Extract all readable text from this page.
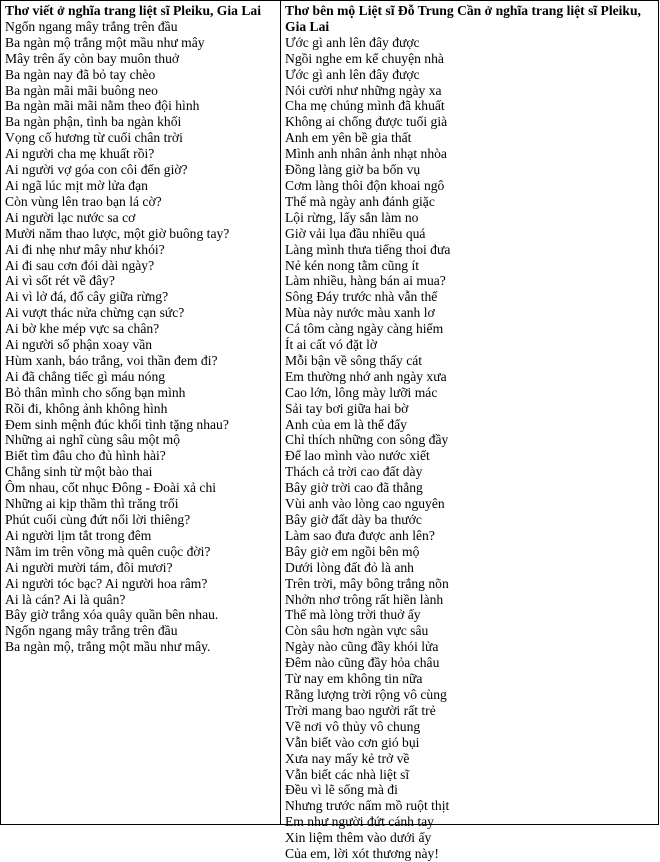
Thơ viết ở nghĩa trang liệt sĩ Pleiku, Gia Lai

Ngổn ngang mây trắng trên đầu
Ba ngàn mộ trắng một mầu như mây
Mây trên ấy còn bay muôn thuở
Ba ngàn nay đã bỏ tay chèo
Ba ngàn mãi mãi buông neo
Ba ngàn mãi mãi nằm theo đội hình
Ba ngàn phận, tình ba ngàn khối
Vọng cố hương từ cuối chân trời
Ai người cha mẹ khuất rồi?
Ai người vợ góa con côi đến giờ?
Ai ngã lúc mịt mờ lửa đạn
Còn vùng lên trao bạn lá cờ?
Ai người lạc nước sa cơ
Mười năm thao lược, một giờ buông tay?
Ai đi nhẹ như mây như khói?
Ai đi sau cơn đói dài ngày?
Ai vì sốt rét về đây?
Ai vì lở đá, đổ cây giữa rừng?
Ai vượt thác nửa chừng cạn sức?
Ai bờ khe mép vực sa chân?
Ai người số phận xoay vần
Hùm xanh, báo trắng, voi thần đem đi?
Ai đã chẳng tiếc gì máu nóng
Bỏ thân mình cho sống bạn mình
Rồi đi, không ảnh không hình
Đem sinh mệnh đúc khối tình tặng nhau?
Những ai nghĩ cùng sâu một mộ
Biết tìm đâu cho đủ hình hài?
Chẳng sinh từ một bào thai
Ôm nhau, cốt nhục Đông - Đoài xả chi
Những ai kịp thầm thì trăng trối
Phút cuối cùng đứt nối lời thiêng?
Ai người lịm tắt trong đêm
Nằm im trên võng mà quên cuộc đời?
Ai người mười tám, đôi mươi?
Ai người tóc bạc? Ai người hoa râm?
Ai là cán? Ai là quân?
Bây giờ trắng xóa quây quần bên nhau.
Ngổn ngang mây trắng trên đầu
Ba ngàn mộ, trắng một mầu như mây.

Thơ bên mộ Liệt sĩ Đỗ Trung Cần ở nghĩa trang liệt sĩ Pleiku, Gia Lai

Ước gì anh lên đây được
Ngồi nghe em kể chuyện nhà
Ước gì anh lên đây được
Nói cười như những ngày xa
Cha mẹ chúng mình đã khuất
Không ai chống được tuổi già
Anh em yên bề gia thất
Mình anh nhân ảnh nhạt nhòa
Đồng làng giờ ba bốn vụ
Cơm làng thôi độn khoai ngô
Thế mà ngày anh đánh giặc
Lội rừng, lấy sắn làm no
Giờ vải lụa đầu nhiều quá
Làng mình thưa tiếng thoi đưa
Nẻ kén nong tằm cũng ít
Làm nhiều, hàng bán ai mua?
Sông Đáy trước nhà vẫn thế
Mùa này nước màu xanh lơ
Cá tôm càng ngày càng hiếm
Ít ai cất vó đặt lờ
Mỗi bận về sông thấy cát
Em thường nhớ anh ngày xưa
Cao lớn, lông mày lưỡi mác
Sải tay bơi giữa hai bờ
Anh của em là thế đấy
Chỉ thích những con sông đầy
Để lao mình vào nước xiết
Thách cả trời cao đất dày
Bây giờ trời cao đã thẳng
Vùi anh vào lòng cao nguyên
Bây giờ đất dày ba thước
Làm sao đưa được anh lên?
Bây giờ em ngồi bên mộ
Dưới lòng đất đỏ là anh
Trên trời, mây bông trắng nõn
Nhởn nhơ trông rất hiền lành
Thế mà lòng trời thuở ấy
Còn sâu hơn ngàn vực sâu
Ngày nào cũng đầy khói lửa
Đêm nào cũng đầy hỏa châu
Từ nay em không tin nữa
Rằng lượng trời rộng vô cùng
Trời mang bao người rất trẻ
Về nơi vô thủy vô chung
Vẫn biết vào cơn gió bụi
Xưa nay mấy kẻ trở về
Vẫn biết các nhà liệt sĩ
Đều vì lẽ sống mà đi
Nhưng trước nấm mồ ruột thịt
Em như người đứt cánh tay
Xin liệm thêm vào dưới ấy
Của em, lời xót thương này!
